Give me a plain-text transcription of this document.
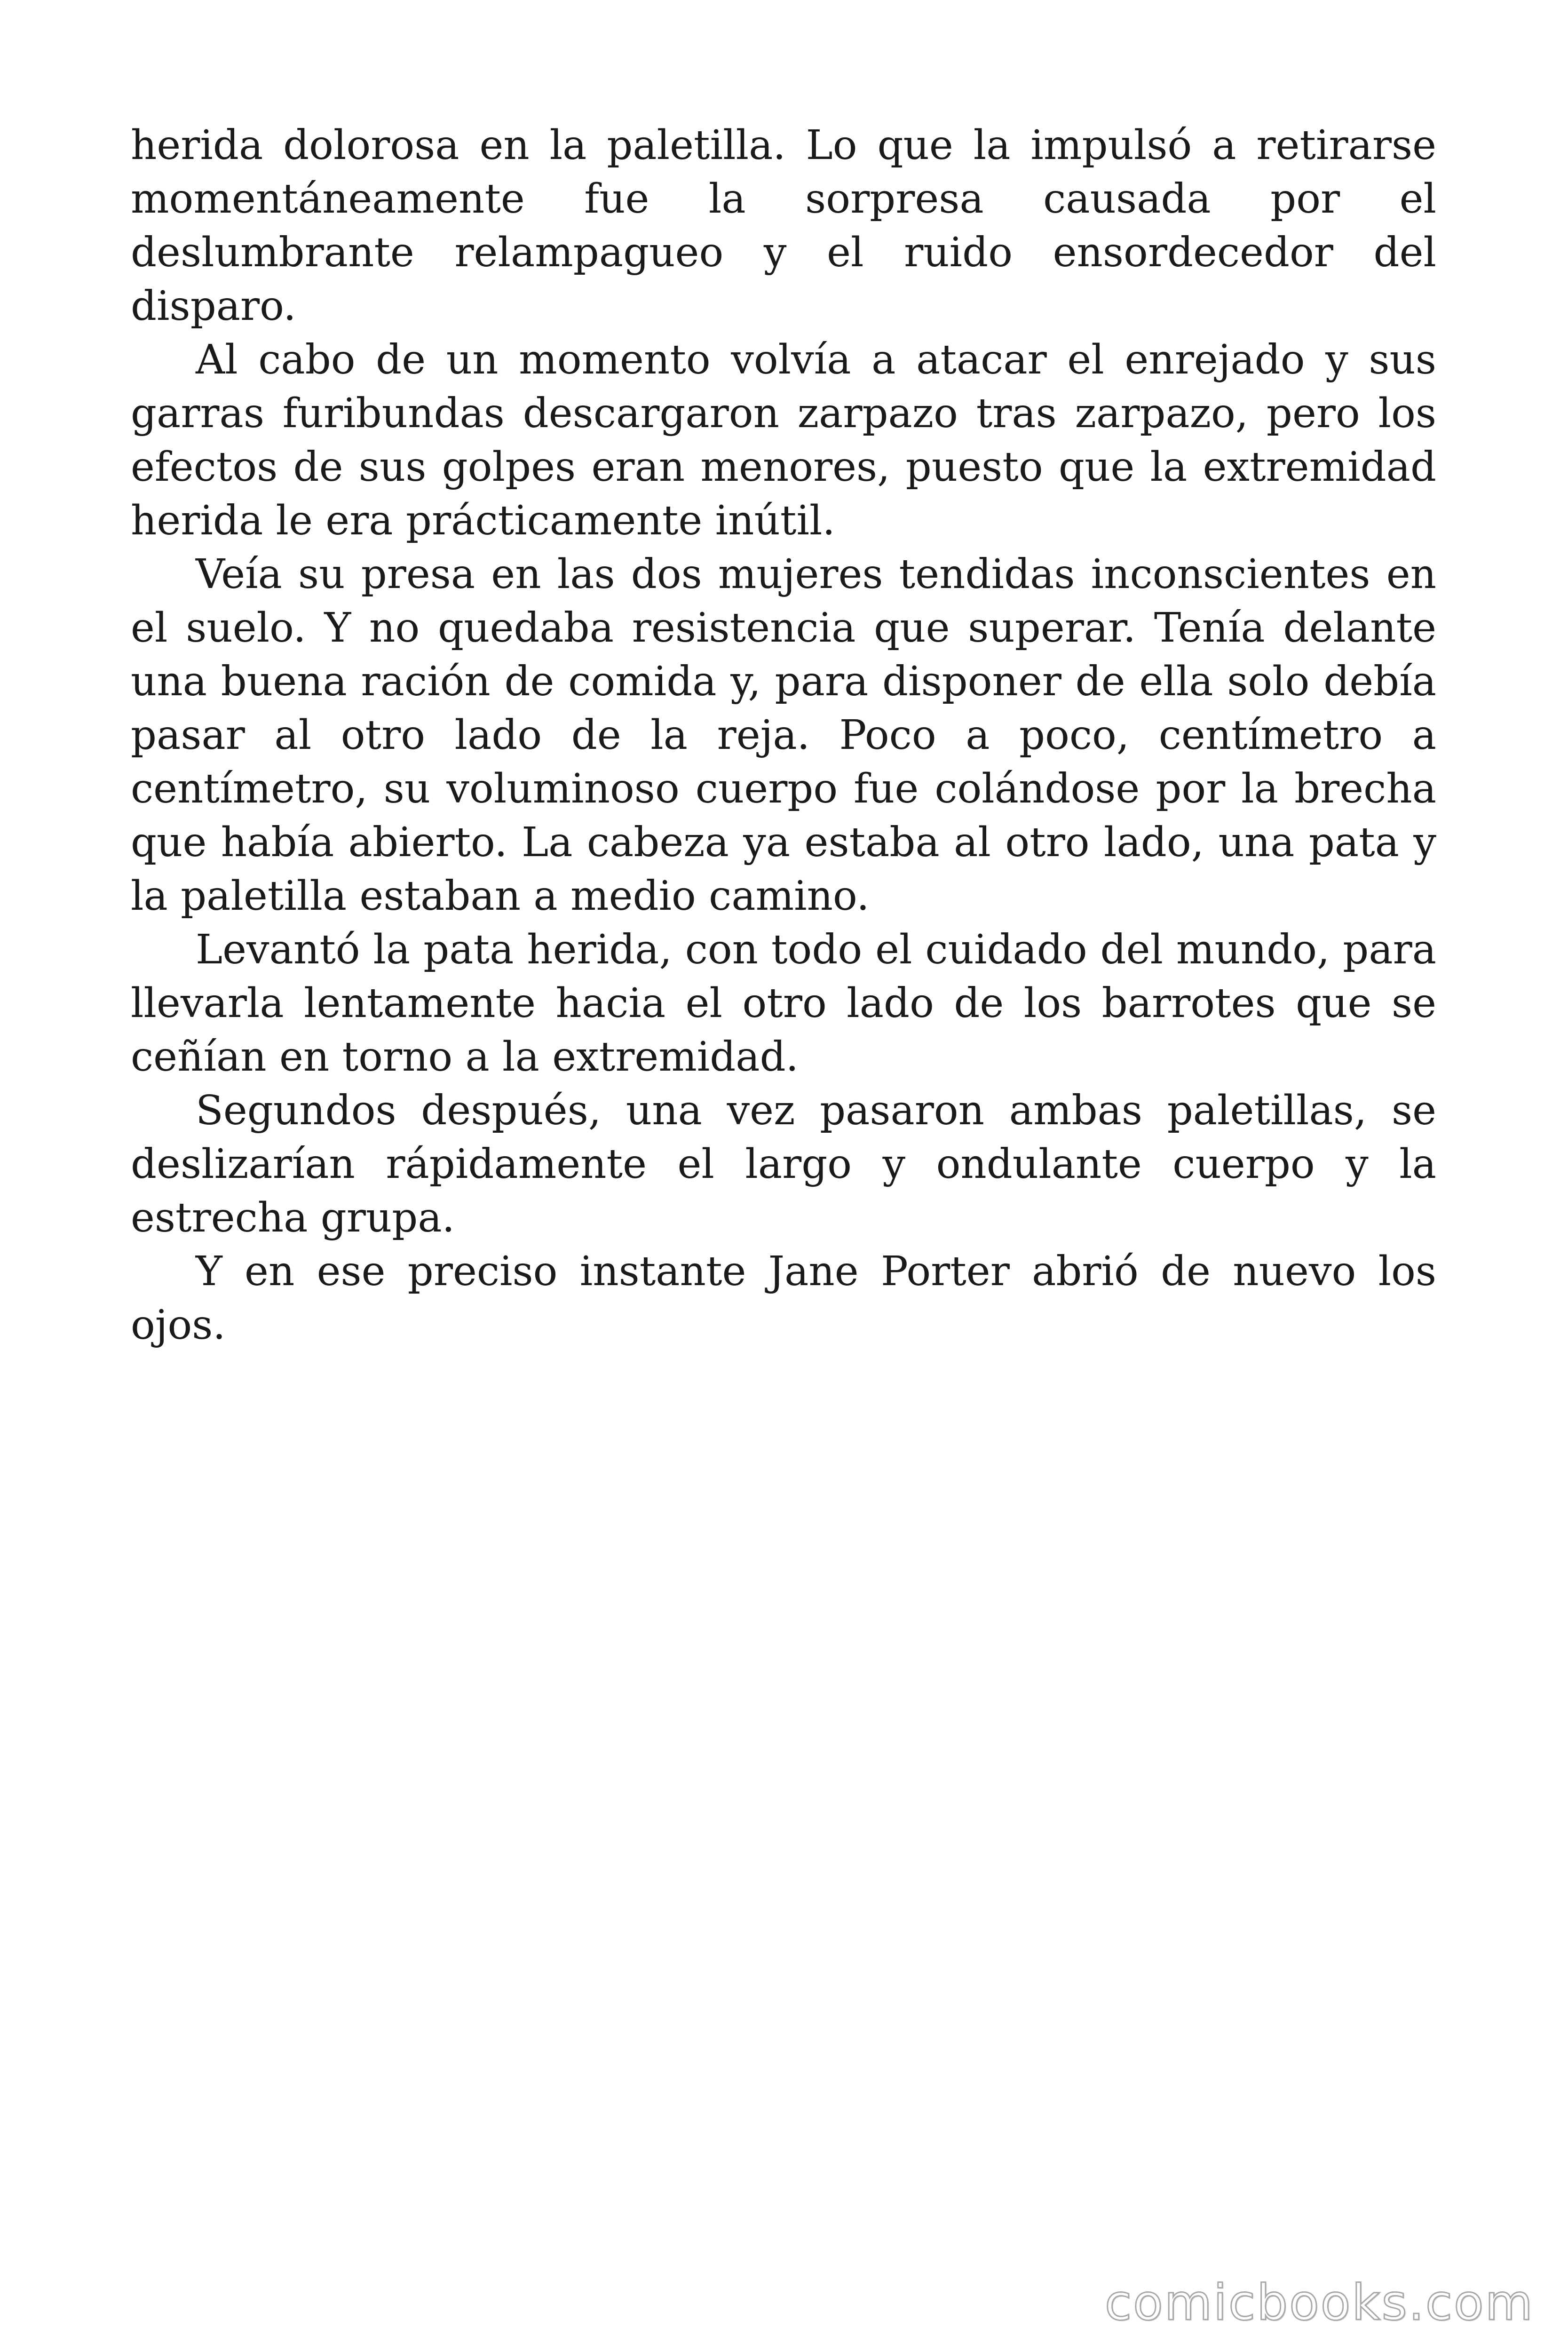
herida dolorosa en la paletilla. Lo que la impulsó a retirarse momentáneamente fue la sorpresa causada por el deslumbrante relampagueo y el ruido ensordecedor del disparo.

Al cabo de un momento volvía a atacar el enrejado y sus garras furibundas descargaron zarpazo tras zarpazo, pero los efectos de sus golpes eran menores, puesto que la extremidad herida le era prácticamente inútil.

Veía su presa en las dos mujeres tendidas inconscientes en el suelo. Y no quedaba resistencia que superar. Tenía delante una buena ración de comida y, para disponer de ella solo debía pasar al otro lado de la reja. Poco a poco, centímetro a centímetro, su voluminoso cuerpo fue colándose por la brecha que había abierto. La cabeza ya estaba al otro lado, una pata y la paletilla estaban a medio camino.

Levantó la pata herida, con todo el cuidado del mundo, para llevarla lentamente hacia el otro lado de los barrotes que se ceñían en torno a la extremidad.

Segundos después, una vez pasaron ambas paletillas, se deslizarían rápidamente el largo y ondulante cuerpo y la estrecha grupa.

Y en ese preciso instante Jane Porter abrió de nuevo los ojos.

comicbooks.com
